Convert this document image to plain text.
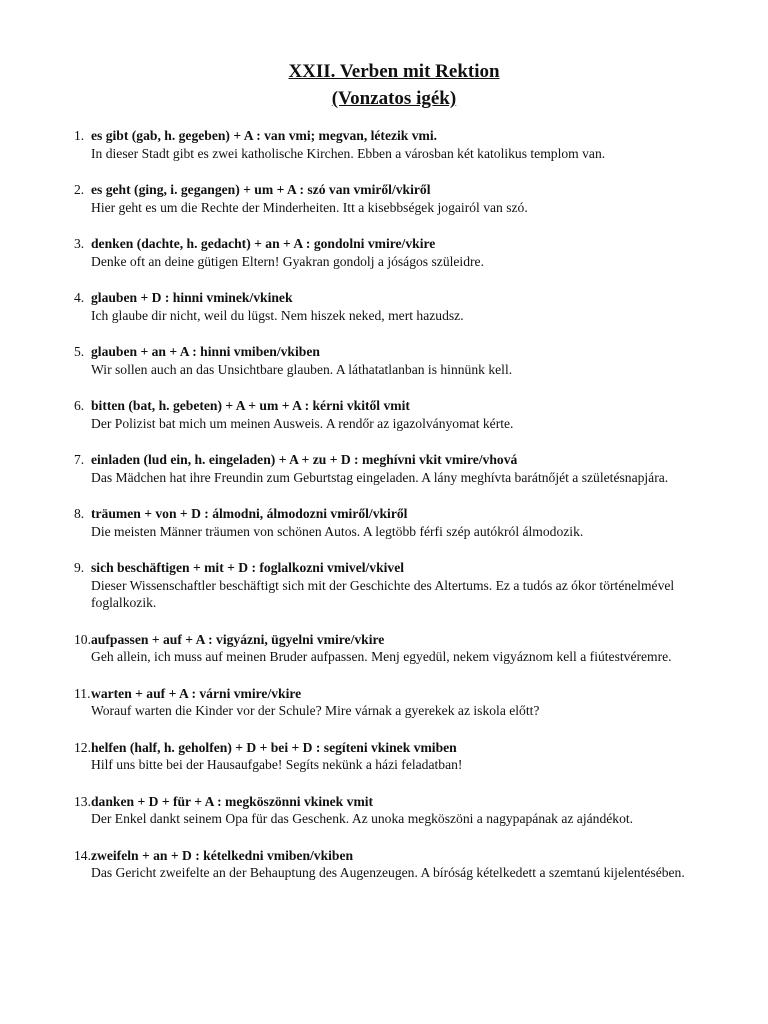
XXII. Verben mit Rektion
(Vonzatos igék)
1. es gibt (gab, h. gegeben) + A : van vmi; megvan, létezik vmi.
In dieser Stadt gibt es zwei katholische Kirchen. Ebben a városban két katolikus templom van.
2. es geht (ging, i. gegangen) + um + A : szó van vmiről/vkiről
Hier geht es um die Rechte der Minderheiten. Itt a kisebbségek jogairól van szó.
3. denken (dachte, h. gedacht) + an + A : gondolni vmire/vkire
Denke oft an deine gütigen Eltern! Gyakran gondolj a jóságos szüleidre.
4. glauben + D : hinni vminek/vkinek
Ich glaube dir nicht, weil du lügst. Nem hiszek neked, mert hazudsz.
5. glauben + an + A : hinni vmiben/vkiben
Wir sollen auch an das Unsichtbare glauben. A láthatatlanban is hinnünk kell.
6. bitten (bat, h. gebeten) + A + um + A : kérni vkitől vmit
Der Polizist bat mich um meinen Ausweis. A rendőr az igazolványomat kérte.
7. einladen (lud ein, h. eingeladen) + A + zu + D : meghívni vkit vmire/vhová
Das Mädchen hat ihre Freundin zum Geburtstag eingeladen. A lány meghívta barátnőjét a születésnapjára.
8. träumen + von + D : álmodni, álmodozni vmiről/vkiről
Die meisten Männer träumen von schönen Autos. A legtöbb férfi szép autókról álmodozik.
9. sich beschäftigen + mit + D : foglalkozni vmivel/vkivel
Dieser Wissenschaftler beschäftigt sich mit der Geschichte des Altertums. Ez a tudós az ókor történelmével foglalkozik.
10. aufpassen + auf + A : vigyázni, ügyelni vmire/vkire
Geh allein, ich muss auf meinen Bruder aufpassen. Menj egyedül, nekem vigyáznom kell a fiútestvéremre.
11. warten + auf + A : várni vmire/vkire
Worauf warten die Kinder vor der Schule? Mire várnak a gyerekek az iskola előtt?
12. helfen (half, h. geholfen) + D + bei + D : segíteni vkinek vmiben
Hilf uns bitte bei der Hausaufgabe! Segíts nekünk a házi feladatban!
13. danken + D + für + A : megköszönni vkinek vmit
Der Enkel dankt seinem Opa für das Geschenk. Az unoka megköszöni a nagypapának az ajándékot.
14. zweifeln + an + D : kételkedni vmiben/vkiben
Das Gericht zweifelte an der Behauptung des Augenzeugen. A bíróság kételkedett a szemtanú kijelentésében.
